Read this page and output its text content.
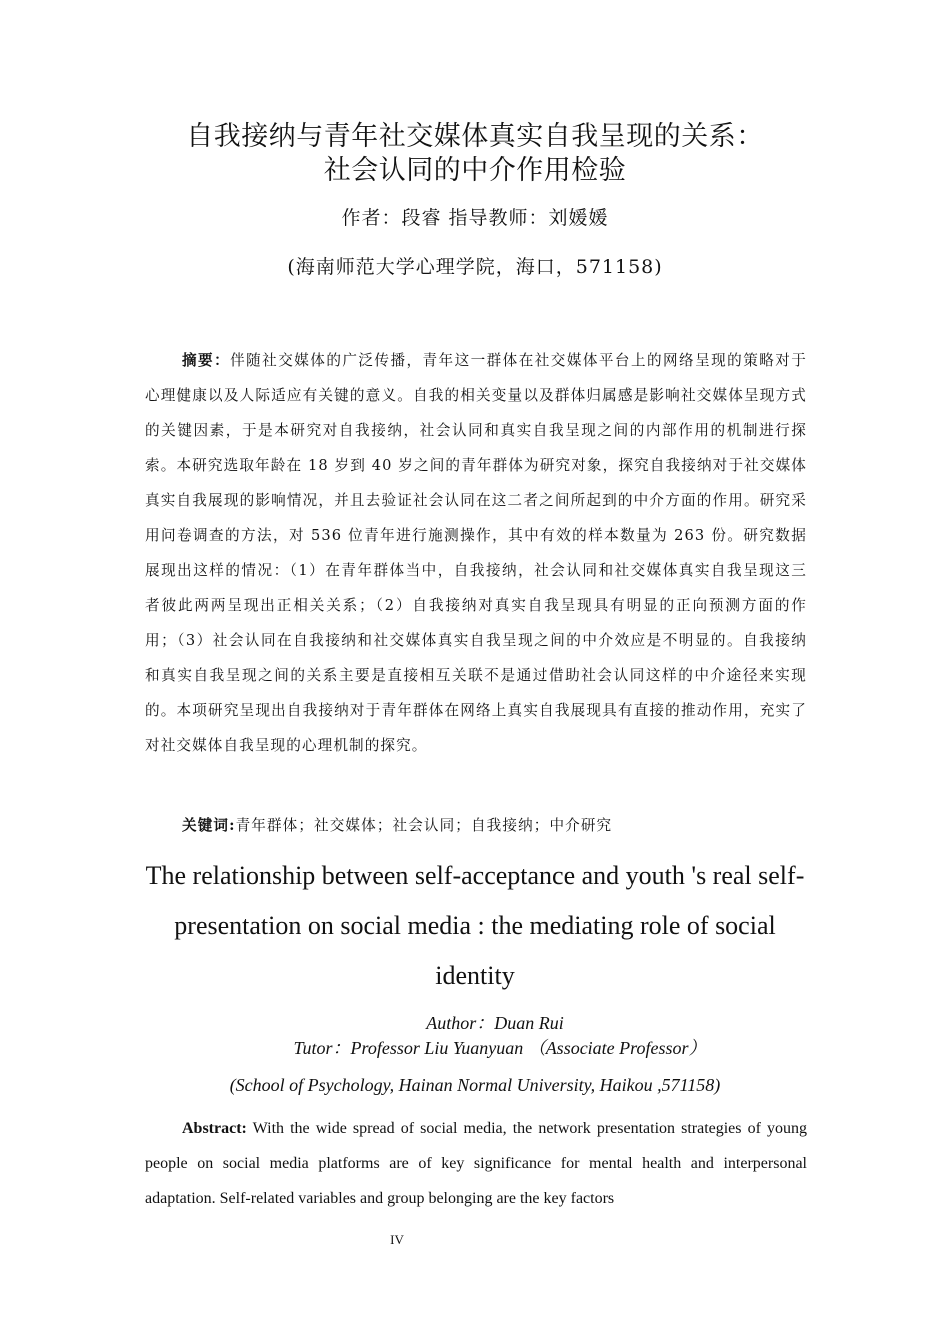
自我接纳与青年社交媒体真实自我呈现的关系：
社会认同的中介作用检验
作者：段睿 指导教师：刘媛媛
(海南师范大学心理学院，海口，571158)

摘要：伴随社交媒体的广泛传播，青年这一群体在社交媒体平台上的网络呈现的策略对于心理健康以及人际适应有关键的意义。自我的相关变量以及群体归属感是影响社交媒体呈现方式的关键因素，于是本研究对自我接纳，社会认同和真实自我呈现之间的内部作用的机制进行探索。本研究选取年龄在 18 岁到 40 岁之间的青年群体为研究对象，探究自我接纳对于社交媒体真实自我展现的影响情况，并且去验证社会认同在这二者之间所起到的中介方面的作用。研究采用问卷调查的方法，对 536 位青年进行施测操作，其中有效的样本数量为 263 份。研究数据展现出这样的情况：（1）在青年群体当中，自我接纳，社会认同和社交媒体真实自我呈现这三者彼此两两呈现出正相关关系；（2）自我接纳对真实自我呈现具有明显的正向预测方面的作用；（3）社会认同在自我接纳和社交媒体真实自我呈现之间的中介效应是不明显的。自我接纳和真实自我呈现之间的关系主要是直接相互关联不是通过借助社会认同这样的中介途径来实现的。本项研究呈现出自我接纳对于青年群体在网络上真实自我展现具有直接的推动作用，充实了对社交媒体自我呈现的心理机制的探究。

关键词:青年群体；社交媒体；社会认同；自我接纳；中介研究

The relationship between self-acceptance and youth 's real self-presentation on social media : the mediating role of social identity

Author：Duan RuiTutor：Professor Liu Yuanyuan （Associate Professor）
(School of Psychology, Hainan Normal University, Haikou ,571158)

Abstract: With the wide spread of social media, the network presentation strategies of young people on social media platforms are of key significance for mental health and interpersonal adaptation. Self-related variables and group belonging are the key factors

IV
